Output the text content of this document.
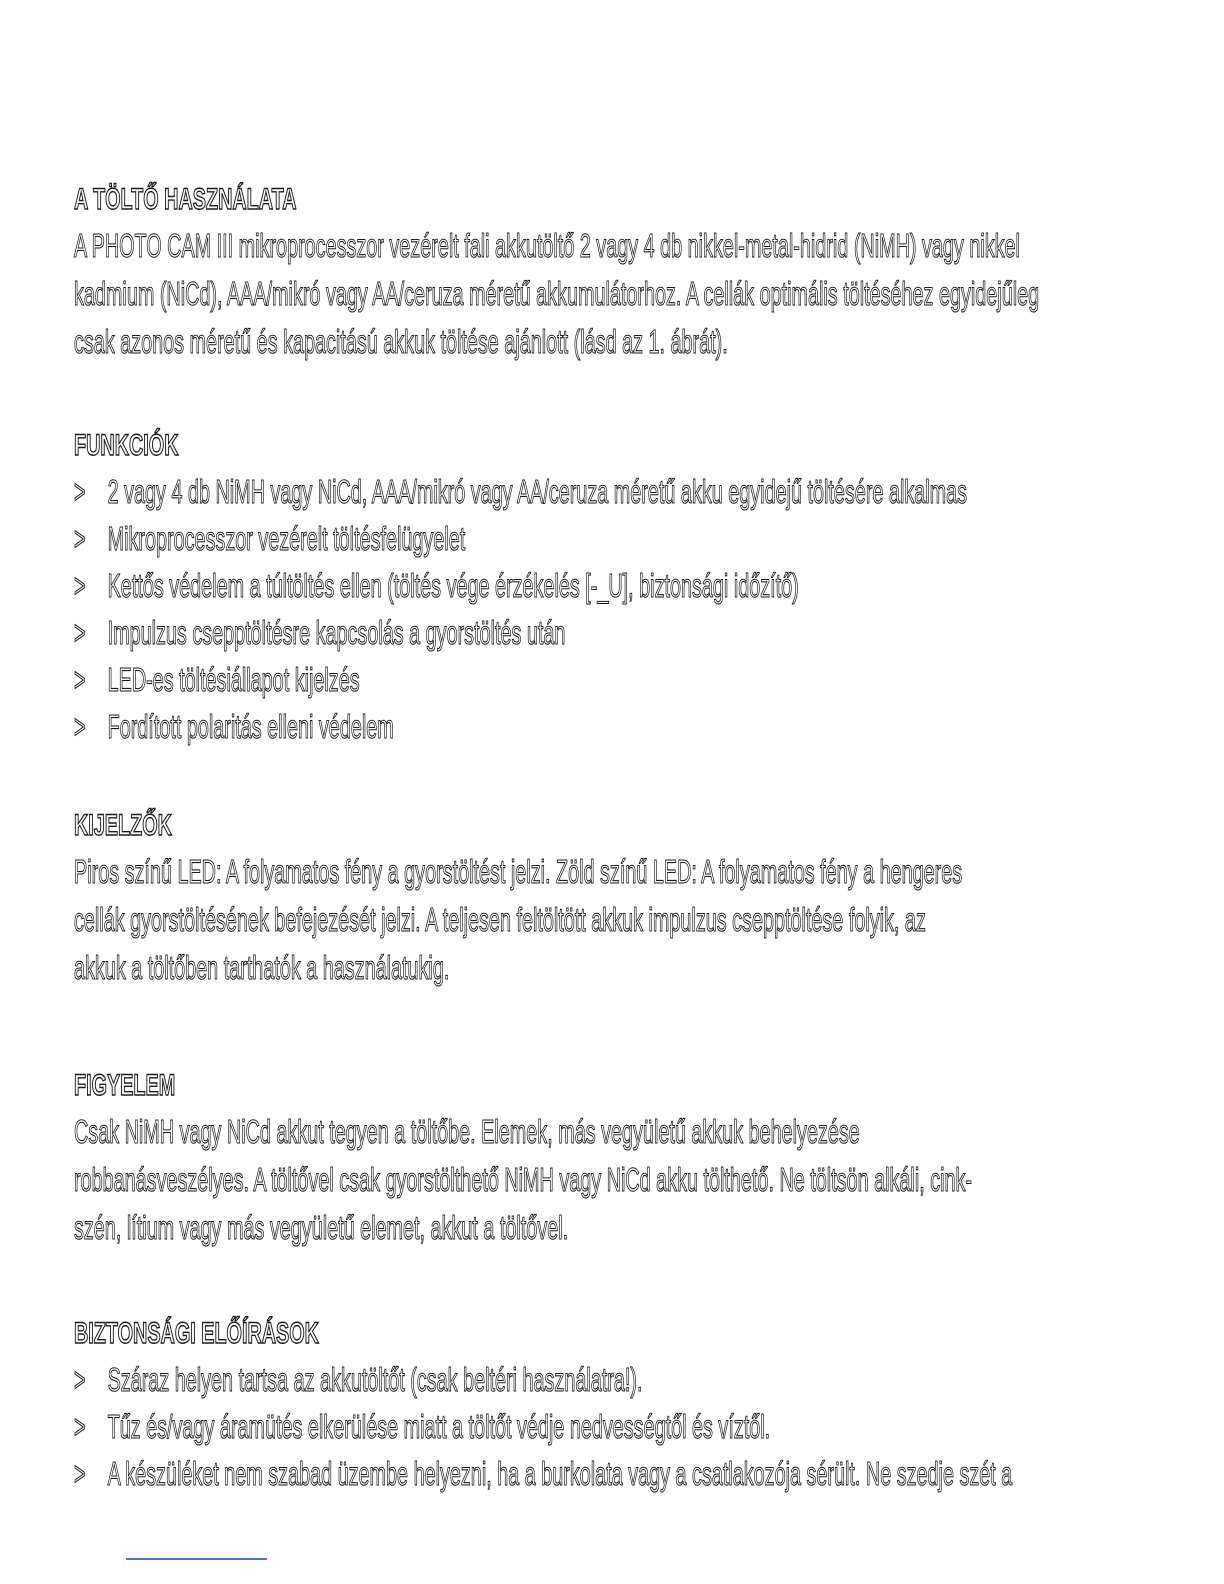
A TÖLTŐ HASZNÁLATA
A PHOTO CAM III mikroprocesszor vezérelt fali akkutöltő 2 vagy 4 db nikkel-metal-hidrid (NiMH) vagy nikkel
kadmium (NiCd), AAA/mikró vagy AA/ceruza méretű akkumulátorhoz. A cellák optimális töltéséhez egyidejűleg
csak azonos méretű és kapacitású akkuk töltése ajánlott (lásd az 1. ábrát).
FUNKCIÓK
> 2 vagy 4 db NiMH vagy NiCd, AAA/mikró vagy AA/ceruza méretű akku egyidejű töltésére alkalmas
> Mikroprocesszor vezérelt töltésfelügyelet
> Kettős védelem a túltöltés ellen (töltés vége érzékelés [-_U], biztonsági időzítő)
> Impulzus csepptöltésre kapcsolás a gyorstöltés után
> LED-es töltésiállapot kijelzés
> Fordított polaritás elleni védelem
KIJELZŐK
Piros színű LED: A folyamatos fény a gyorstöltést jelzi. Zöld színű LED: A folyamatos fény a hengeres
cellák gyorstöltésének befejezését jelzi. A teljesen feltöltött akkuk impulzus csepptöltése folyik, az
akkuk a töltőben tarthatók a használatukig.
FIGYELEM
Csak NiMH vagy NiCd akkut tegyen a töltőbe. Elemek, más vegyületű akkuk behelyezése
robbanásveszélyes. A töltővel csak gyorstölthető NiMH vagy NiCd akku tölthető. Ne töltsön alkáli, cink-
szén, lítium vagy más vegyületű elemet, akkut a töltővel.
BIZTONSÁGI ELŐÍRÁSOK
> Száraz helyen tartsa az akkutöltőt (csak beltéri használatra!).
> Tűz és/vagy áramütés elkerülése miatt a töltőt védje nedvességtől és víztől.
> A készüléket nem szabad üzembe helyezni, ha a burkolata vagy a csatlakozója sérült. Ne szedje szét a
